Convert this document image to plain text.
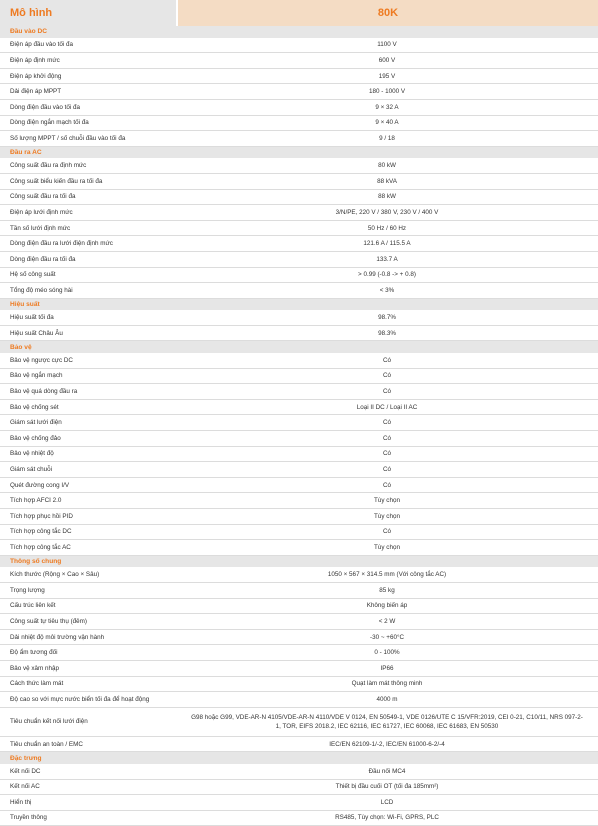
Mô hình	80K
Đầu vào DC	
Điện áp đầu vào tối đa	1100 V
Điện áp định mức	600 V
Điện áp khởi động	195 V
Dải điện áp MPPT	180 - 1000 V
Dòng điện đầu vào tối đa	9 × 32 A
Dòng điện ngắn mạch tối đa	9 × 40 A
Số lượng MPPT / số chuỗi đầu vào tối đa	9 / 18
Đầu ra AC	
Công suất đầu ra định mức	80 kW
Công suất biểu kiến đầu ra tối đa	88 kVA
Công suất đầu ra tối đa	88 kW
Điện áp lưới định mức	3/N/PE, 220 V / 380 V, 230 V / 400 V
Tần số lưới định mức	50 Hz / 60 Hz
Dòng điện đầu ra lưới điện định mức	121.6 A / 115.5 A
Dòng điện đầu ra tối đa	133.7 A
Hệ số công suất	> 0.99 (-0.8 -> + 0.8)
Tổng độ méo sóng hài	< 3%
Hiệu suất	
Hiệu suất tối đa	98.7%
Hiệu suất Châu Âu	98.3%
Bảo vệ	
Bảo vệ ngược cực DC	Có
Bảo vệ ngắn mạch	Có
Bảo vệ quá dòng đầu ra	Có
Bảo vệ chống sét	Loại II DC / Loại II AC
Giám sát lưới điện	Có
Bảo vệ chống đảo	Có
Bảo vệ nhiệt độ	Có
Giám sát chuỗi	Có
Quét đường cong I/V	Có
Tích hợp AFCI 2.0	Tùy chọn
Tích hợp phục hồi PID	Tùy chọn
Tích hợp công tắc DC	Có
Tích hợp công tắc AC	Tùy chọn
Thông số chung	
Kích thước (Rộng × Cao × Sâu)	1050 × 567 × 314.5 mm (Với công tắc AC)
Trọng lượng	85 kg
Cấu trúc liên kết	Không biến áp
Công suất tự tiêu thụ (đêm)	< 2 W
Dải nhiệt độ môi trường vận hành	-30 ~ +60°C
Độ ẩm tương đối	0 - 100%
Bảo vệ xâm nhập	IP66
Cách thức làm mát	Quạt làm mát thông minh
Độ cao so với mực nước biển tối đa để hoạt động	4000 m
Tiêu chuẩn kết nối lưới điện	G98 hoặc G99, VDE-AR-N 4105/VDE-AR-N 4110/VDE V 0124, EN 50549-1, VDE 0126/UTE C 15/VFR:2019, CEI 0-21, C10/11, NRS 097-2-1, TOR, EIFS 2018.2, IEC 62116, IEC 61727, IEC 60068, IEC 61683, EN 50530
Tiêu chuẩn an toàn / EMC	IEC/EN 62109-1/-2, IEC/EN 61000-6-2/-4
Đặc trưng	
Kết nối DC	Đầu nối MC4
Kết nối AC	Thiết bị đầu cuối OT (tối đa 185mm²)
Hiển thị	LCD
Truyền thông	RS485, Tùy chọn: Wi-Fi, GPRS, PLC
